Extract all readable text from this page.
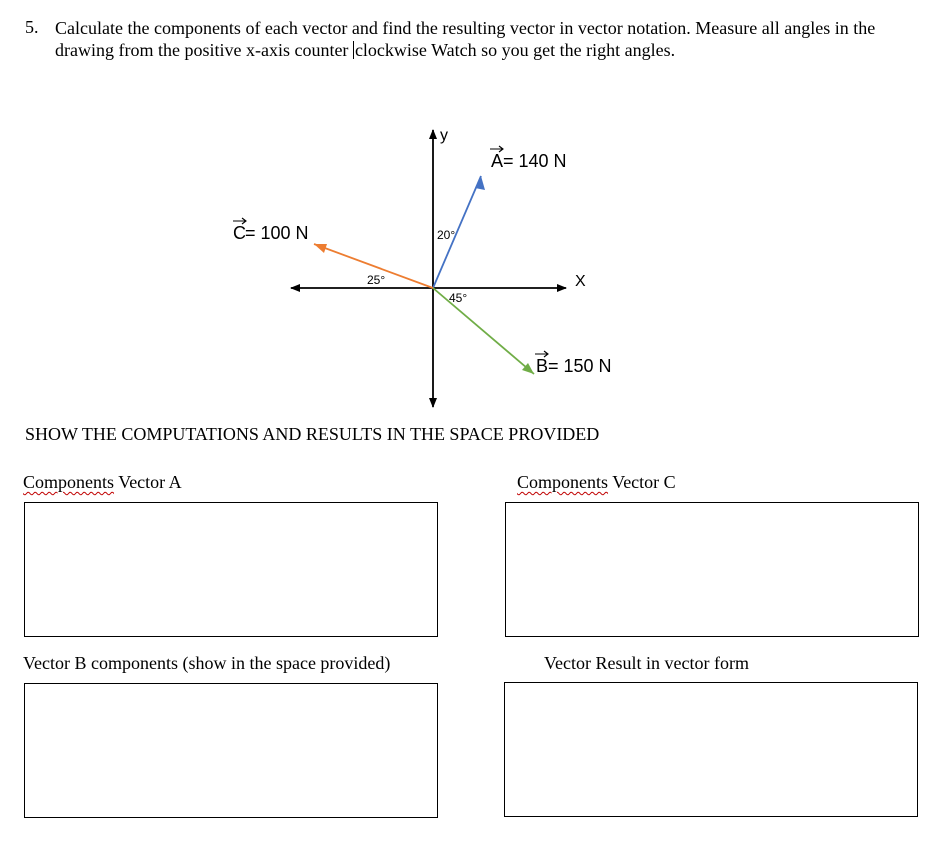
5. Calculate the components of each vector and find the resulting vector in vector notation. Measure all angles in the drawing from the positive x-axis counter clockwise Watch so you get the right angles.

y
X
A = 140 N
B = 150 N
C = 100 N	20°
45°
25°

SHOW THE COMPUTATIONS AND RESULTS IN THE SPACE PROVIDED

Components Vector A	Components Vector C
Vector B components (show in the space provided)	Vector Result in vector form
